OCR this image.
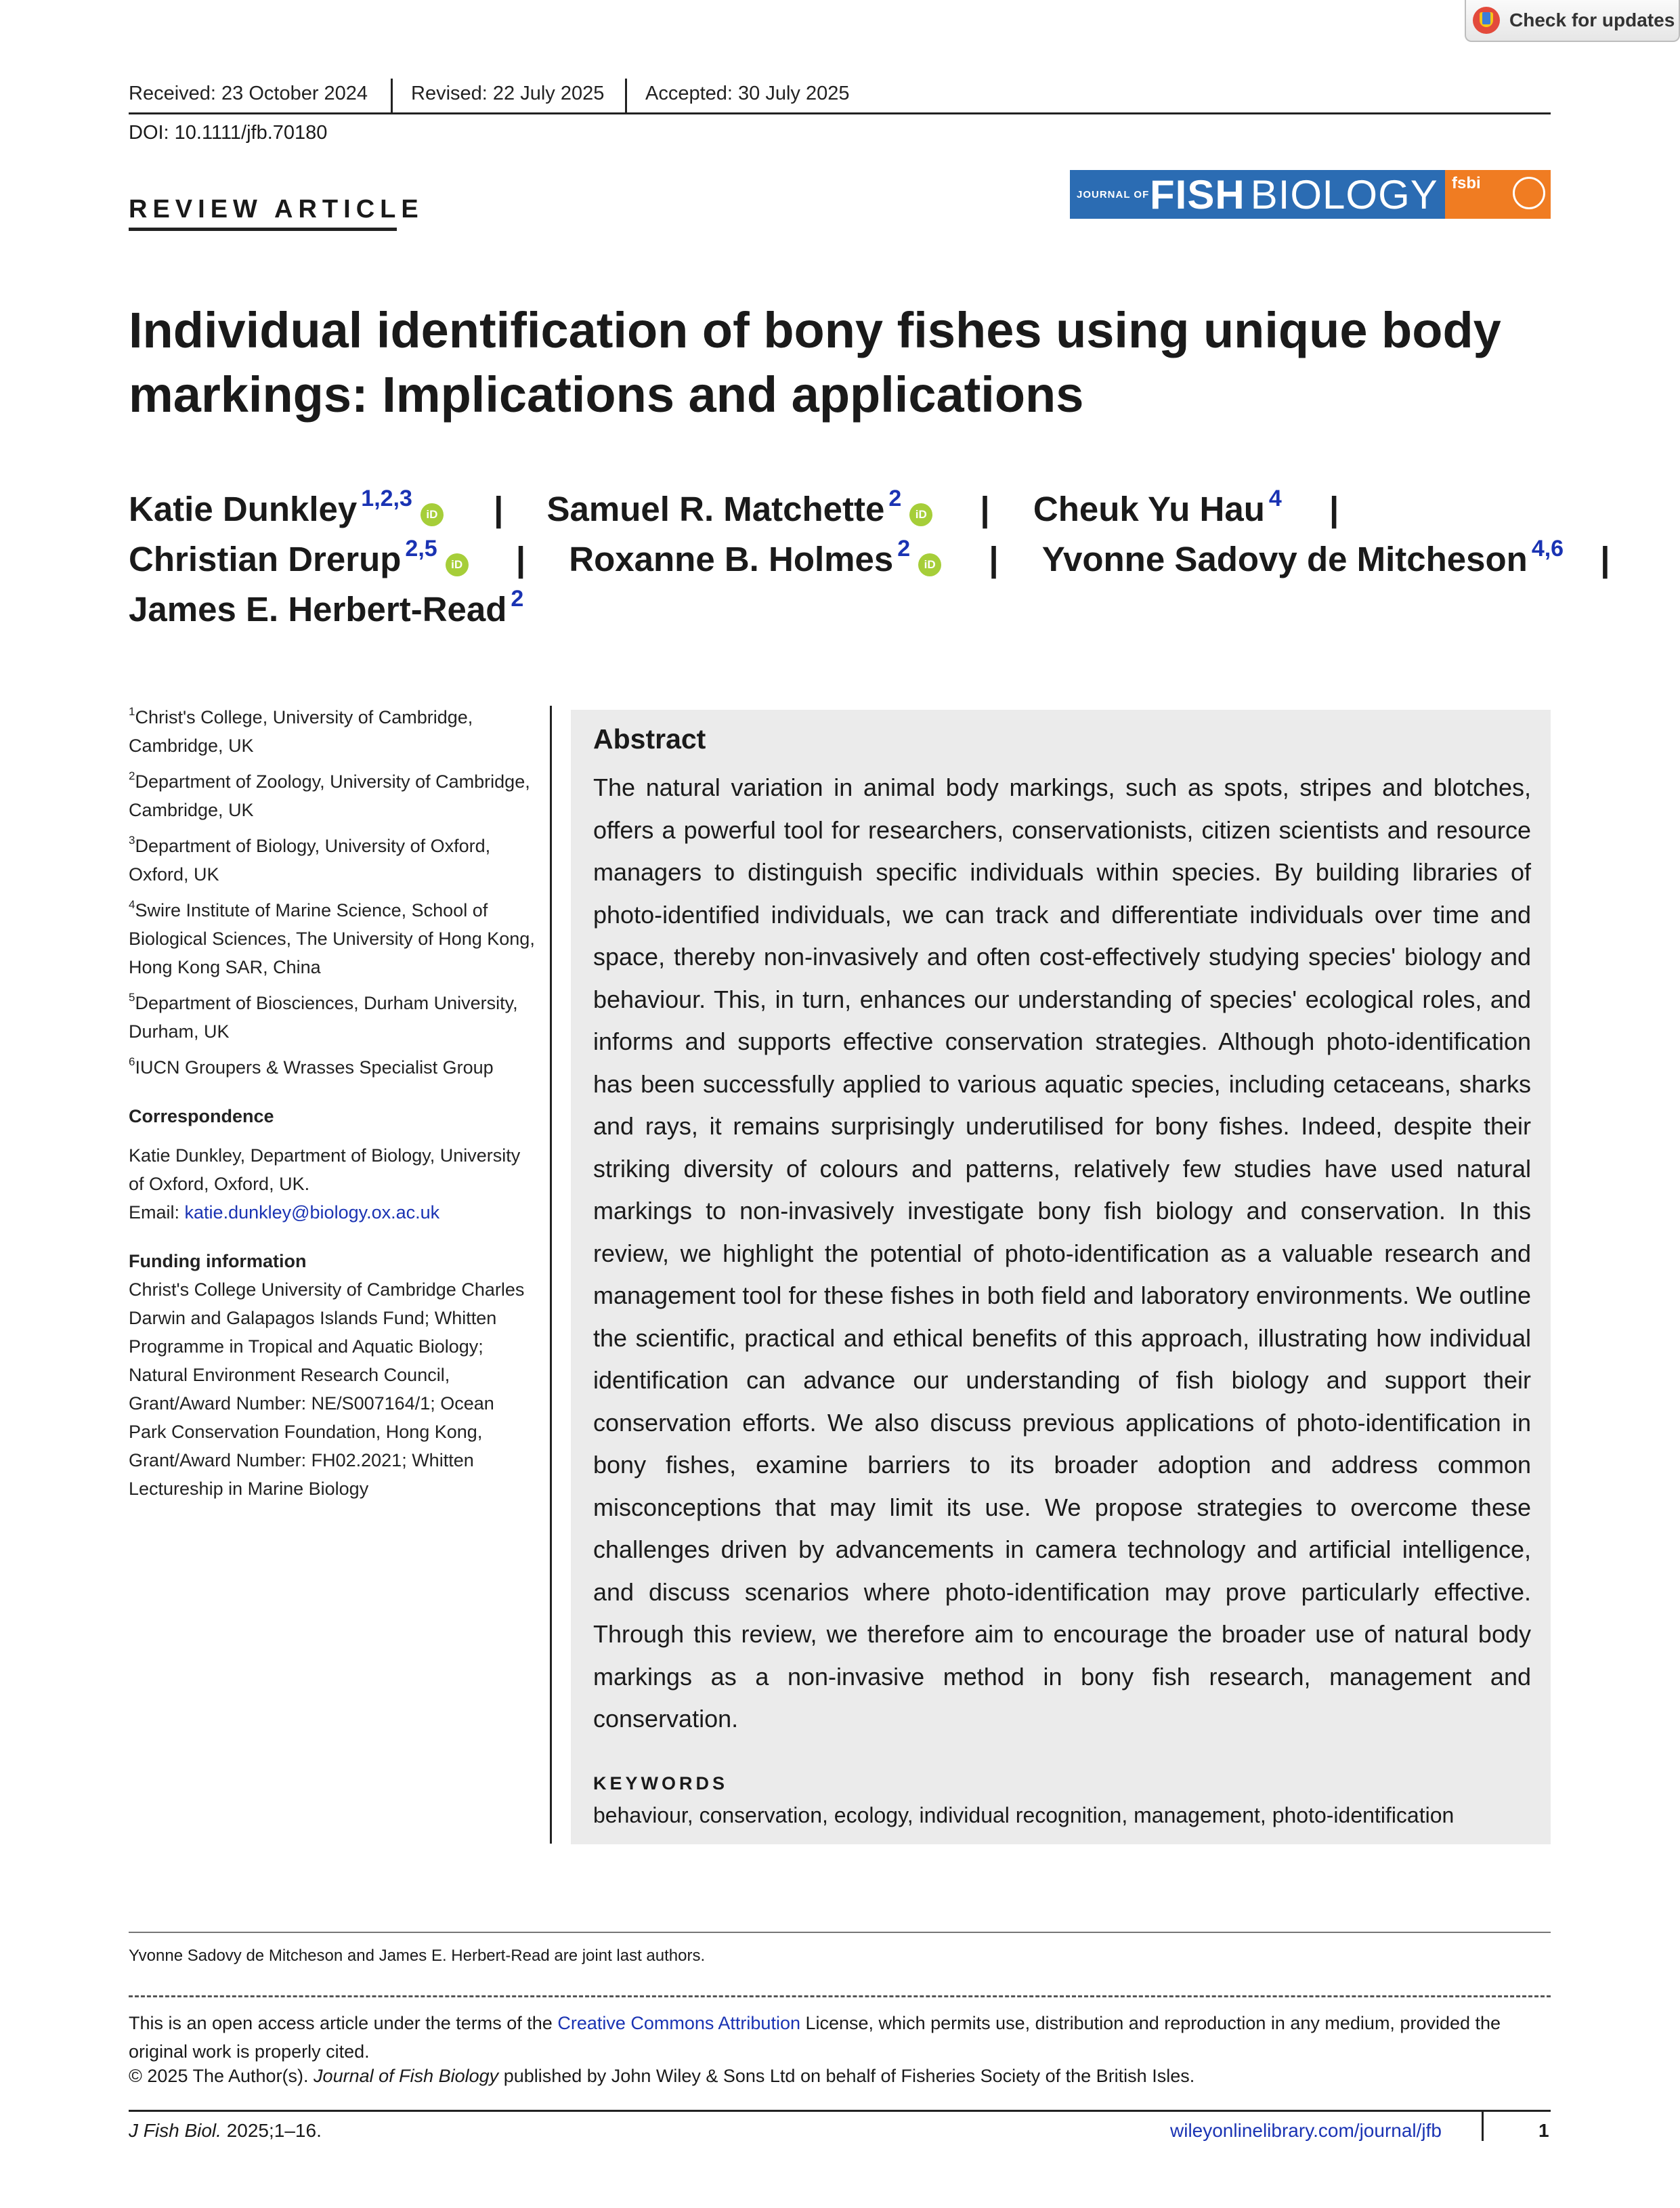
Check for updates
Received: 23 October 2024 Revised: 22 July 2025 Accepted: 30 July 2025
DOI: 10.1111/jfb.70180
REVIEW ARTICLE
JOURNAL OF FISH BIOLOGY fsbi
Individual identification of bony fishes using unique body markings: Implications and applications
Katie Dunkley $^{1,2,3}$iD | Samuel R. Matchette $^2$iD | Cheuk Yu Hau $^4$ |
Christian Drerup $^{2,5}$iD | Roxanne B. Holmes $^2$iD | Yvonne Sadovy de Mitcheson $^{4,6}$ |
James E. Herbert-Read $^2$
$^1$Christ's College, University of Cambridge, Cambridge, UK
$^2$Department of Zoology, University of Cambridge, Cambridge, UK
$^3$Department of Biology, University of Oxford, Oxford, UK
$^4$Swire Institute of Marine Science, School of Biological Sciences, The University of Hong Kong, Hong Kong SAR, China
$^5$Department of Biosciences, Durham University, Durham, UK
$^6$IUCN Groupers & Wrasses Specialist Group
Correspondence
Katie Dunkley, Department of Biology, University of Oxford, Oxford, UK.
Email: katie.dunkley@biology.ox.ac.uk
Funding information
Christ's College University of Cambridge Charles Darwin and Galapagos Islands Fund; Whitten Programme in Tropical and Aquatic Biology; Natural Environment Research Council, Grant/Award Number: NE/S007164/1; Ocean Park Conservation Foundation, Hong Kong, Grant/Award Number: FH02.2021; Whitten Lectureship in Marine Biology
Abstract
The natural variation in animal body markings, such as spots, stripes and blotches, offers a powerful tool for researchers, conservationists, citizen scientists and resource managers to distinguish specific individuals within species. By building libraries of photo-identified individuals, we can track and differentiate individuals over time and space, thereby non-invasively and often cost-effectively studying species' biology and behaviour. This, in turn, enhances our understanding of species' ecological roles, and informs and supports effective conservation strategies. Although photo-identification has been successfully applied to various aquatic species, including cetaceans, sharks and rays, it remains surprisingly underutilised for bony fishes. Indeed, despite their striking diversity of colours and patterns, relatively few studies have used natural markings to non-invasively investigate bony fish biology and conservation. In this review, we highlight the potential of photo-identification as a valuable research and management tool for these fishes in both field and laboratory environments. We outline the scientific, practical and ethical benefits of this approach, illustrating how individual identification can advance our understanding of fish biology and support their conservation efforts. We also discuss previous applications of photo-identification in bony fishes, examine barriers to its broader adoption and address common misconceptions that may limit its use. We propose strategies to overcome these challenges driven by advancements in camera technology and artificial intelligence, and discuss scenarios where photo-identification may prove particularly effective. Through this review, we therefore aim to encourage the broader use of natural body markings as a non-invasive method in bony fish research, management and conservation.
KEYWORDS
behaviour, conservation, ecology, individual recognition, management, photo-identification
Yvonne Sadovy de Mitcheson and James E. Herbert-Read are joint last authors.
This is an open access article under the terms of the Creative Commons Attribution License, which permits use, distribution and reproduction in any medium, provided the original work is properly cited.
© 2025 The Author(s). Journal of Fish Biology published by John Wiley & Sons Ltd on behalf of Fisheries Society of the British Isles.
J Fish Biol. 2025;1–16.	wileyonlinelibrary.com/journal/jfb	1
